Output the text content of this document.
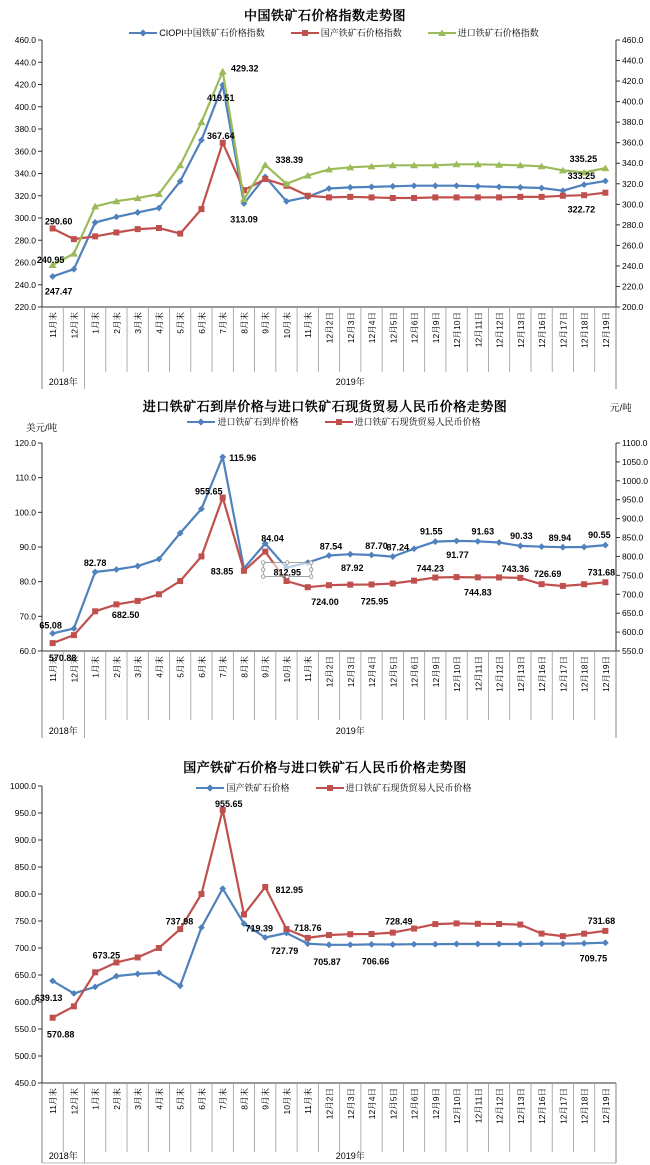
中国铁矿石价格指数走势图
CIOPI中国铁矿石价格指数	国产铁矿石价格指数	进口铁矿石价格指数
460.0
440.0
420.0
400.0
380.0
360.0
340.0
320.0
300.0
280.0
260.0
240.0
220.0
460.0
440.0
420.0
400.0
380.0
360.0
340.0
320.0
300.0
280.0
260.0
240.0
220.0
200.0
11月末 12月末 1月末 2月末 3月末 4月末 5月末 6月末 7月末 8月末 9月末 10月末 11月末 12月2日 12月3日 12月4日 12月5日 12月6日 12月9日 12月10日 12月11日 12月12日 12月13日 12月16日 12月17日 12月18日 12月19日
2018年	2019年
247.47
419.51
313.09
333.25
290.60
367.64
322.72
240.95
429.32
338.39	335.25
进口铁矿石到岸价格与进口铁矿石现货贸易人民币价格走势图
进口铁矿石到岸价格	进口铁矿石现货贸易人民币价格
120.0
110.0
100.0
90.0
80.0
70.0
60.0
1100.0
1050.0
1000.0
950.0
900.0
850.0
800.0
750.0
700.0
650.0
600.0
550.0
美元/吨
元/吨
11月末 12月末 1月末 2月末 3月末 4月末 5月末 6月末 7月末 8月末 9月末 10月末 11月末 12月2日 12月3日 12月4日 12月5日 12月6日 12月9日 12月10日 12月11日 12月12日 12月13日 12月16日 12月17日 12月18日 12月19日
2018年	2019年
65.08
82.78
115.96
83.85
84.04
87.54
87.92
87.70
87.24
91.55
91.77
91.63 90.33 89.94 90.55
570.88
682.50
955.65
812.95
724.00 725.95
744.23
744.83
743.36
726.69	731.68
国产铁矿石价格与进口铁矿石人民币价格走势图
国产铁矿石价格	进口铁矿石现货贸易人民币价格
1000.0
950.0
900.0
850.0
800.0
750.0
700.0
650.0
600.0
550.0
500.0
450.0
11月末 12月末 1月末 2月末 3月末 4月末 5月末 6月末 7月末 8月末 9月末 10月末 11月末 12月2日 12月3日 12月4日 12月5日 12月6日 12月9日 12月10日 12月11日 12月12日 12月13日 12月16日 12月17日 12月18日 12月19日
2018年	2019年
639.13
737.98
719.39
727.79
705.87 706.66	709.75
570.88
673.25
955.65
812.95
718.76
728.49	731.68
